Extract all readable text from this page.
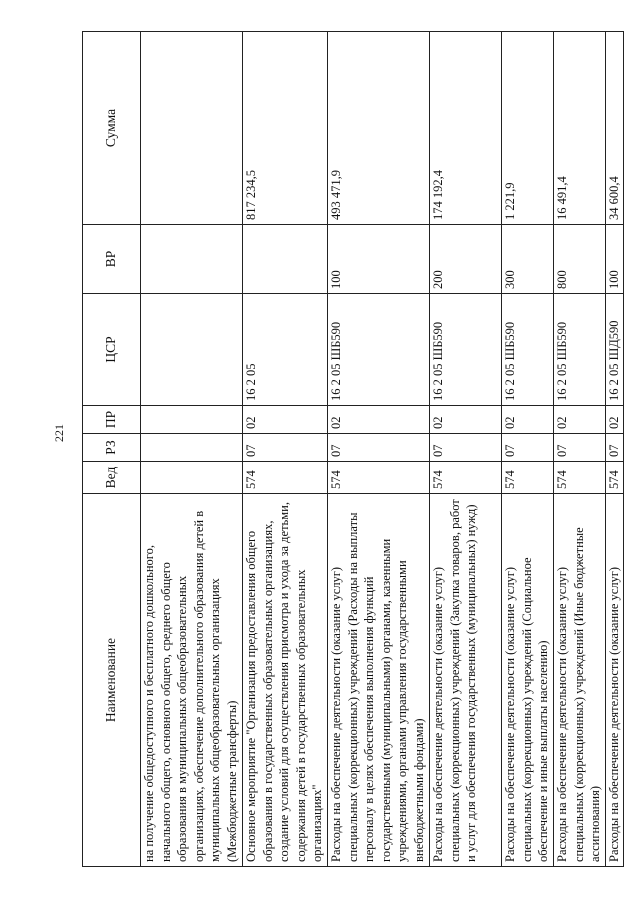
221
Наименование	Вед	РЗ	ПР	ЦСР	ВР	Сумма
на получение общедоступного и бесплатного дошкольного, начального общего, основного общего, среднего общего образования в муниципальных общеобразовательных организациях, обеспечение дополнительного образования детей в муниципальных общеобразовательных организациях (Межбюджетные трансферты)						
Основное мероприятие "Организация предоставления общего образования в государственных образовательных организациях, создание условий для осуществления присмотра и ухода за детьми, содержания детей в государственных образовательных организациях"	574	07	02	16 2 05		817 234,5
Расходы на обеспечение деятельности (оказание услуг) специальных (коррекционных) учреждений (Расходы на выплаты персоналу в целях обеспечения выполнения функций государственными (муниципальными) органами, казенными учреждениями, органами управления государственными внебюджетными фондами)	574	07	02	16 2 05 ШБ590	100	493 471,9
Расходы на обеспечение деятельности (оказание услуг) специальных (коррекционных) учреждений (Закупка товаров, работ и услуг для обеспечения государственных (муниципальных) нужд)	574	07	02	16 2 05 ШБ590	200	174 192,4
Расходы на обеспечение деятельности (оказание услуг) специальных (коррекционных) учреждений (Социальное обеспечение и иные выплаты населению)	574	07	02	16 2 05 ШБ590	300	1 221,9
Расходы на обеспечение деятельности (оказание услуг) специальных (коррекционных) учреждений (Иные бюджетные ассигнования)	574	07	02	16 2 05 ШБ590	800	16 491,4
Расходы на обеспечение деятельности (оказание услуг)	574	07	02	16 2 05 ШД590	100	34 600,4
